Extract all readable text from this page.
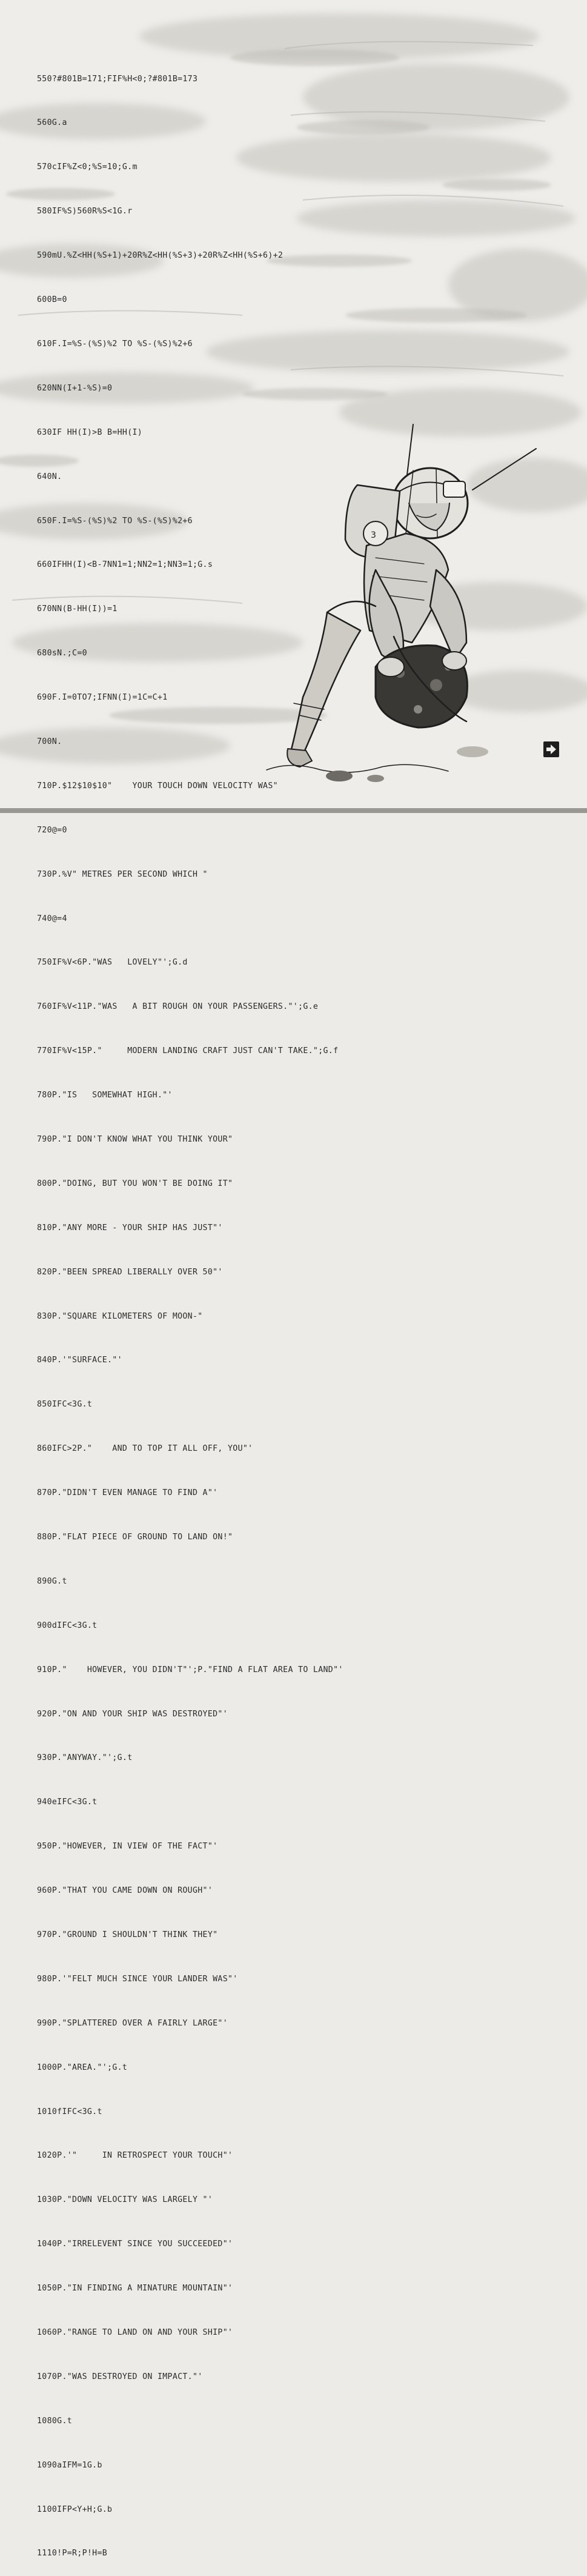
550?#801B=171;FIF%H<0;?#801B=173

560G.a

570cIF%Z<0;%S=10;G.m

580IF%S)560R%S<1G.r

590mU.%Z<HH(%S+1)+20R%Z<HH(%S+3)+20R%Z<HH(%S+6)+2

600B=0

610F.I=%S-(%S)%2 TO %S-(%S)%2+6

620NN(I+1-%S)=0

630IF HH(I)>B B=HH(I)

640N.

650F.I=%S-(%S)%2 TO %S-(%S)%2+6

660IFHH(I)<B-7NN1=1;NN2=1;NN3=1;G.s

670NN(B-HH(I))=1

680sN.;C=0

690F.I=0TO7;IFNN(I)=1C=C+1

700N.

710P.$12$10$10"    YOUR TOUCH DOWN VELOCITY WAS"

720@=0

730P.%V" METRES PER SECOND WHICH "

740@=4

750IF%V<6P."WAS   LOVELY"';G.d

760IF%V<11P."WAS   A BIT ROUGH ON YOUR PASSENGERS."';G.e

770IF%V<15P."     MODERN LANDING CRAFT JUST CAN'T TAKE.";G.f

780P."IS   SOMEWHAT HIGH."'

790P."I DON'T KNOW WHAT YOU THINK YOUR"

800P."DOING, BUT YOU WON'T BE DOING IT"

810P."ANY MORE - YOUR SHIP HAS JUST"'

820P."BEEN SPREAD LIBERALLY OVER 50"'

830P."SQUARE KILOMETERS OF MOON-"

840P.'"SURFACE."'

850IFC<3G.t

860IFC>2P."    AND TO TOP IT ALL OFF, YOU"'

870P."DIDN'T EVEN MANAGE TO FIND A"'

880P."FLAT PIECE OF GROUND TO LAND ON!"

890G.t

900dIFC<3G.t

910P."    HOWEVER, YOU DIDN'T"';P."FIND A FLAT AREA TO LAND"'

920P."ON AND YOUR SHIP WAS DESTROYED"'

930P."ANYWAY."';G.t

940eIFC<3G.t

950P."HOWEVER, IN VIEW OF THE FACT"'

960P."THAT YOU CAME DOWN ON ROUGH"'

970P."GROUND I SHOULDN'T THINK THEY"

980P.'"FELT MUCH SINCE YOUR LANDER WAS"'

990P."SPLATTERED OVER A FAIRLY LARGE"'

1000P."AREA."';G.t

1010fIFC<3G.t

1020P.'"     IN RETROSPECT YOUR TOUCH"'

1030P."DOWN VELOCITY WAS LARGELY "'

1040P."IRRELEVENT SINCE YOU SUCCEEDED"'

1050P."IN FINDING A MINATURE MOUNTAIN"'

1060P."RANGE TO LAND ON AND YOUR SHIP"'

1070P."WAS DESTROYED ON IMPACT."'

1080G.t

1090aIFM=1G.b

1100IFP<Y+H;G.b

1110!P=R;P!H=B

3
